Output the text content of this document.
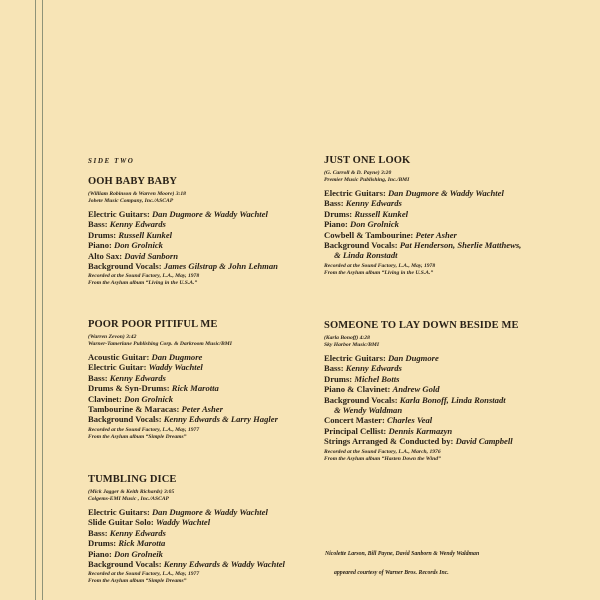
SIDE TWO
OOH BABY BABY
(William Robinson & Warren Moore) 3:18
Jobete Music Company, Inc./ASCAP
Electric Guitars: Dan Dugmore & Waddy Wachtel
Bass: Kenny Edwards
Drums: Russell Kunkel
Piano: Don Grolnick
Alto Sax: David Sanborn
Background Vocals: James Gilstrap & John Lehman
Recorded at the Sound Factory, L.A., May, 1978
From the Asylum album “Living in the U.S.A.”
POOR POOR PITIFUL ME
(Warren Zevon) 3:42
Warner-Tamerlane Publishing Corp. & Darkroom Music/BMI
Acoustic Guitar: Dan Dugmore
Electric Guitar: Waddy Wachtel
Bass: Kenny Edwards
Drums & Syn-Drums: Rick Marotta
Clavinet: Don Grolnick
Tambourine & Maracas: Peter Asher
Background Vocals: Kenny Edwards & Larry Hagler
Recorded at the Sound Factory, L.A., May, 1977
From the Asylum album “Simple Dreams”
TUMBLING DICE
(Mick Jagger & Keith Richards) 3:05
Colgems-EMI Music , Inc./ASCAP
Electric Guitars: Dan Dugmore & Waddy Wachtel
Slide Guitar Solo: Waddy Wachtel
Bass: Kenny Edwards
Drums: Rick Marotta
Piano: Don Grolneik
Background Vocals: Kenny Edwards & Waddy Wachtel
Recorded at the Sound Factory, L.A., May, 1977
From the Asylum album “Simple Dreams”
JUST ONE LOOK
(G. Carroll & D. Payne) 3:20
Premier Music Publishing, Inc./BMI
Electric Guitars: Dan Dugmore & Waddy Wachtel
Bass: Kenny Edwards
Drums: Russell Kunkel
Piano: Don Grolnick
Cowbell & Tambourine: Peter Asher
Background Vocals: Pat Henderson, Sherlie Matthews,
& Linda Ronstadt
Recorded at the Sound Factory, L.A., May, 1978
From the Asylum album “Living in the U.S.A.”
SOMEONE TO LAY DOWN BESIDE ME
(Karla Bonoff) 4:28
Sky Harbor Music/BMI
Electric Guitars: Dan Dugmore
Bass: Kenny Edwards
Drums: Michel Botts
Piano & Clavinet: Andrew Gold
Background Vocals: Karla Bonoff, Linda Ronstadt
& Wendy Waldman
Concert Master: Charles Veal
Principal Cellist: Dennis Karmazyn
Strings Arranged & Conducted by: David Campbell
Recorded at the Sound Factory, L.A., March, 1976
From the Asylum album “Hasten Down the Wind”
Nicolette Larson, Bill Payne, David Sanborn & Wendy Waldman
appeared courtesy of Warner Bros. Records Inc.
